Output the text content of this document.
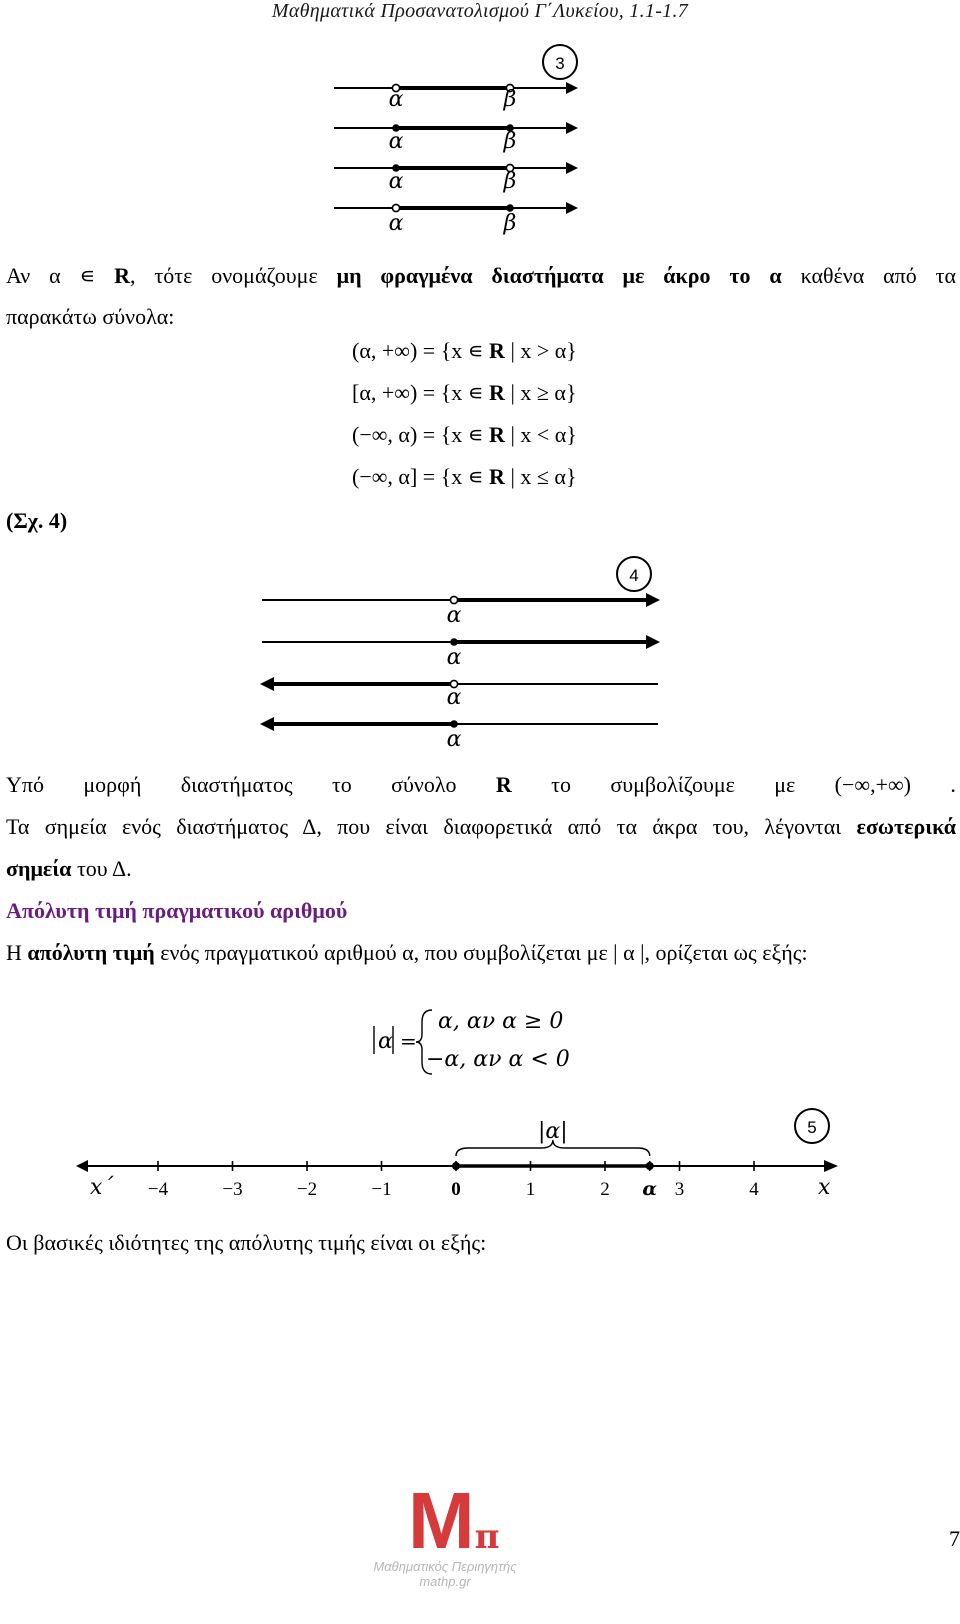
Μαθηματικά Προσανατολισμού Γ΄Λυκείου, 1.1-1.7
3
α	β
α	β
α	β
α	β
Αν α ∊ R, τότε ονομάζουμε μη φραγμένα διαστήματα με άκρο το α καθένα από τα
παρακάτω σύνολα:
(α, +∞) = {x ∊ R | x > α}
[α, +∞) = {x ∊ R | x ≥ α}
(−∞, α) = {x ∊ R | x < α}
(−∞, α] = {x ∊ R | x ≤ α}
(Σχ. 4)
4
α
α
α
α
Υπό μορφή διαστήματος το σύνολο R το συμβολίζουμε με (−∞,+∞) .
Τα σημεία ενός διαστήματος Δ, που είναι διαφορετικά από τα άκρα του, λέγονται εσωτερικά
σημεία του Δ.
Απόλυτη τιμή πραγματικού αριθμού
Η απόλυτη τιμή ενός πραγματικού αριθμού α, που συμβολίζεται με | α |, ορίζεται ως εξής:
α =
α, αν α ≥ 0
−α, αν α < 0
5
−4	−3	−2	−1	0	1	2 α 3	4
|α|
x΄	x
Οι βασικές ιδιότητες της απόλυτης τιμής είναι οι εξής:
Mπ
Μαθηματικός Περιηγητής
mathp.gr
7
